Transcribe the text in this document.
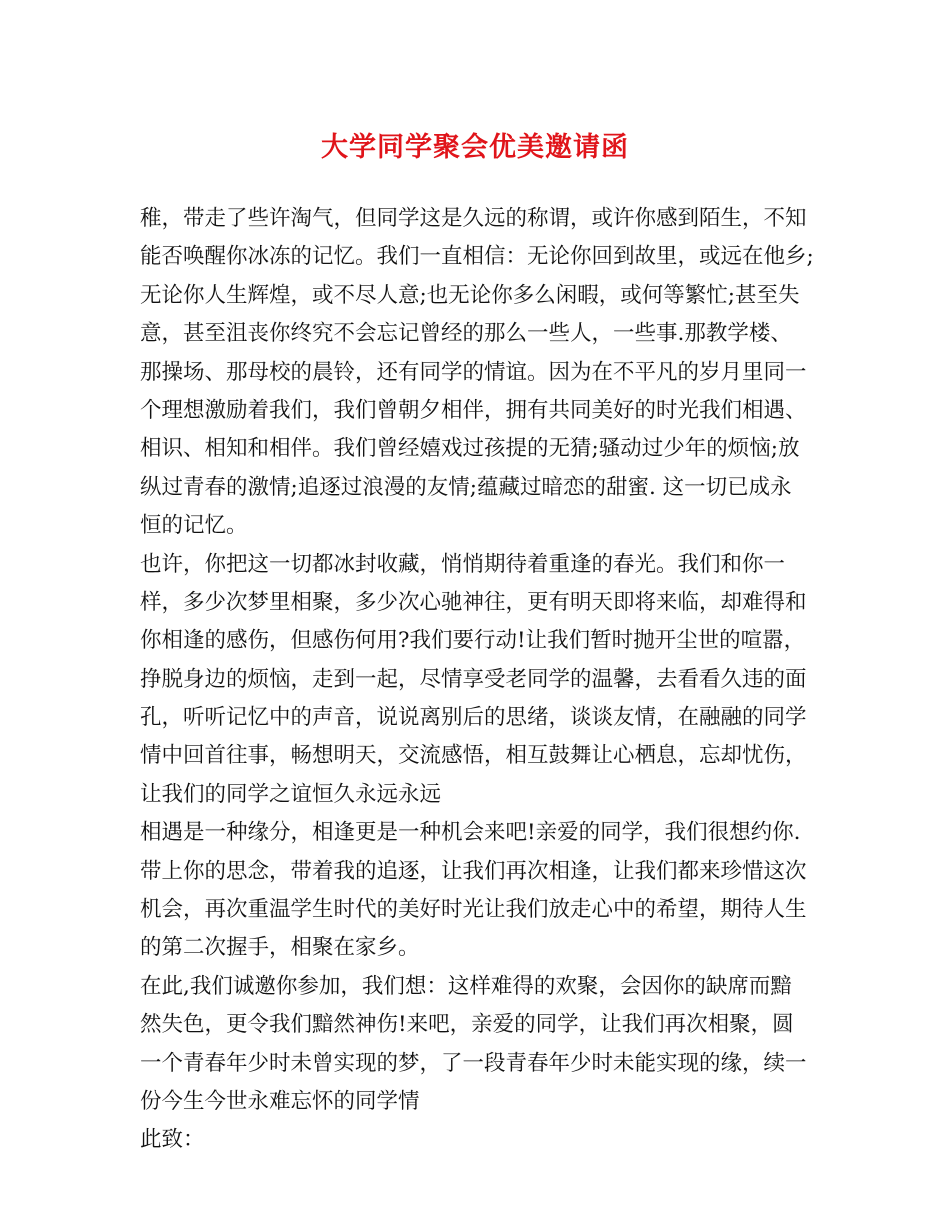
大学同学聚会优美邀请函

稚，带走了些许淘气，但同学这是久远的称谓，或许你感到陌生，不知

能否唤醒你冰冻的记忆。我们一直相信：无论你回到故里，或远在他乡;

无论你人生辉煌，或不尽人意;也无论你多么闲暇，或何等繁忙;甚至失

意，甚至沮丧你终究不会忘记曾经的那么一些人，一些事.那教学楼、

那操场、那母校的晨铃，还有同学的情谊。因为在不平凡的岁月里同一

个理想激励着我们，我们曾朝夕相伴，拥有共同美好的时光我们相遇、

相识、相知和相伴。我们曾经嬉戏过孩提的无猜;骚动过少年的烦恼;放

纵过青春的激情;追逐过浪漫的友情;蕴藏过暗恋的甜蜜. 这一切已成永

恒的记忆。

也许，你把这一切都冰封收藏，悄悄期待着重逢的春光。我们和你一

样，多少次梦里相聚，多少次心驰神往，更有明天即将来临，却难得和

你相逢的感伤，但感伤何用?我们要行动!让我们暂时抛开尘世的喧嚣，

挣脱身边的烦恼，走到一起，尽情享受老同学的温馨，去看看久违的面

孔，听听记忆中的声音，说说离别后的思绪，谈谈友情，在融融的同学

情中回首往事，畅想明天，交流感悟，相互鼓舞让心栖息，忘却忧伤，

让我们的同学之谊恒久永远永远

相遇是一种缘分，相逢更是一种机会来吧!亲爱的同学，我们很想约你.

带上你的思念，带着我的追逐，让我们再次相逢，让我们都来珍惜这次

机会，再次重温学生时代的美好时光让我们放走心中的希望，期待人生

的第二次握手，相聚在家乡。

在此,我们诚邀你参加，我们想：这样难得的欢聚，会因你的缺席而黯

然失色，更令我们黯然神伤!来吧，亲爱的同学，让我们再次相聚，圆

一个青春年少时未曾实现的梦，了一段青春年少时未能实现的缘，续一

份今生今世永难忘怀的同学情

此致：
